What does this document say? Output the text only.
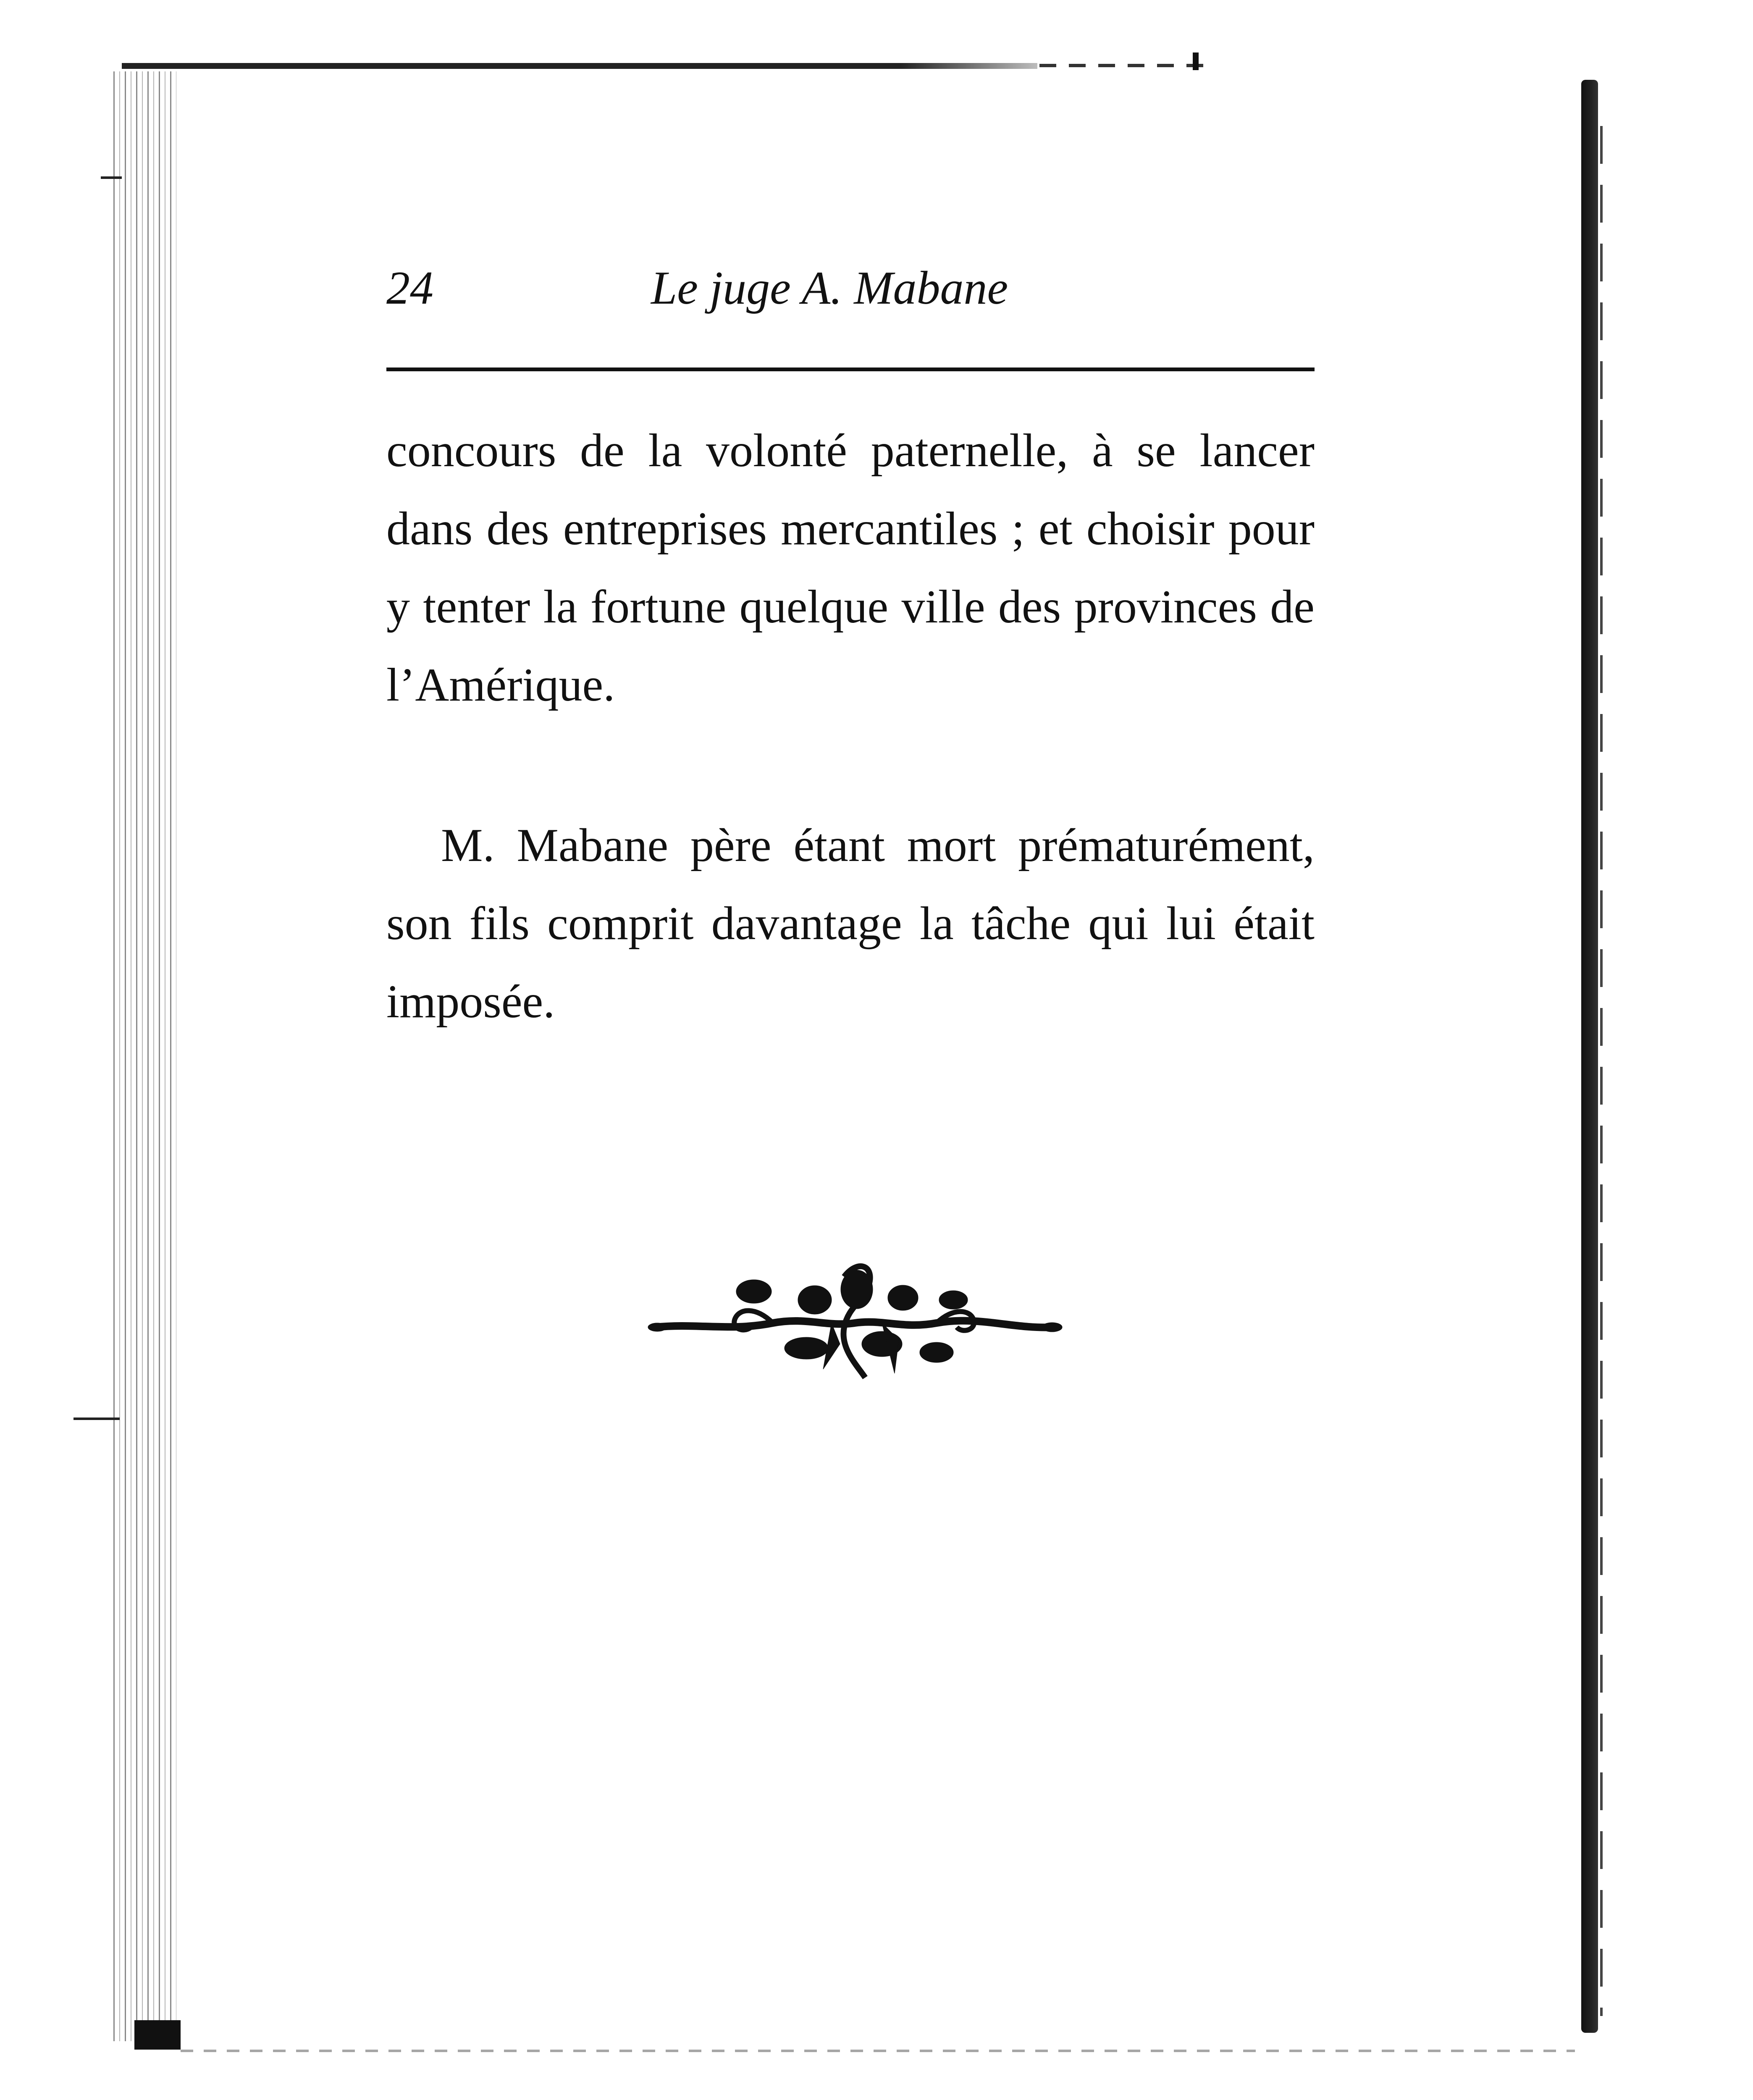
24	Le juge A. Mabane

concours de la volonté paternelle, à se lancer dans des entreprises mercantiles ; et choisir pour y tenter la fortune quelque ville des provinces de l’Amérique.

M. Mabane père étant mort prématurément, son fils comprit davantage la tâche qui lui était imposée.
